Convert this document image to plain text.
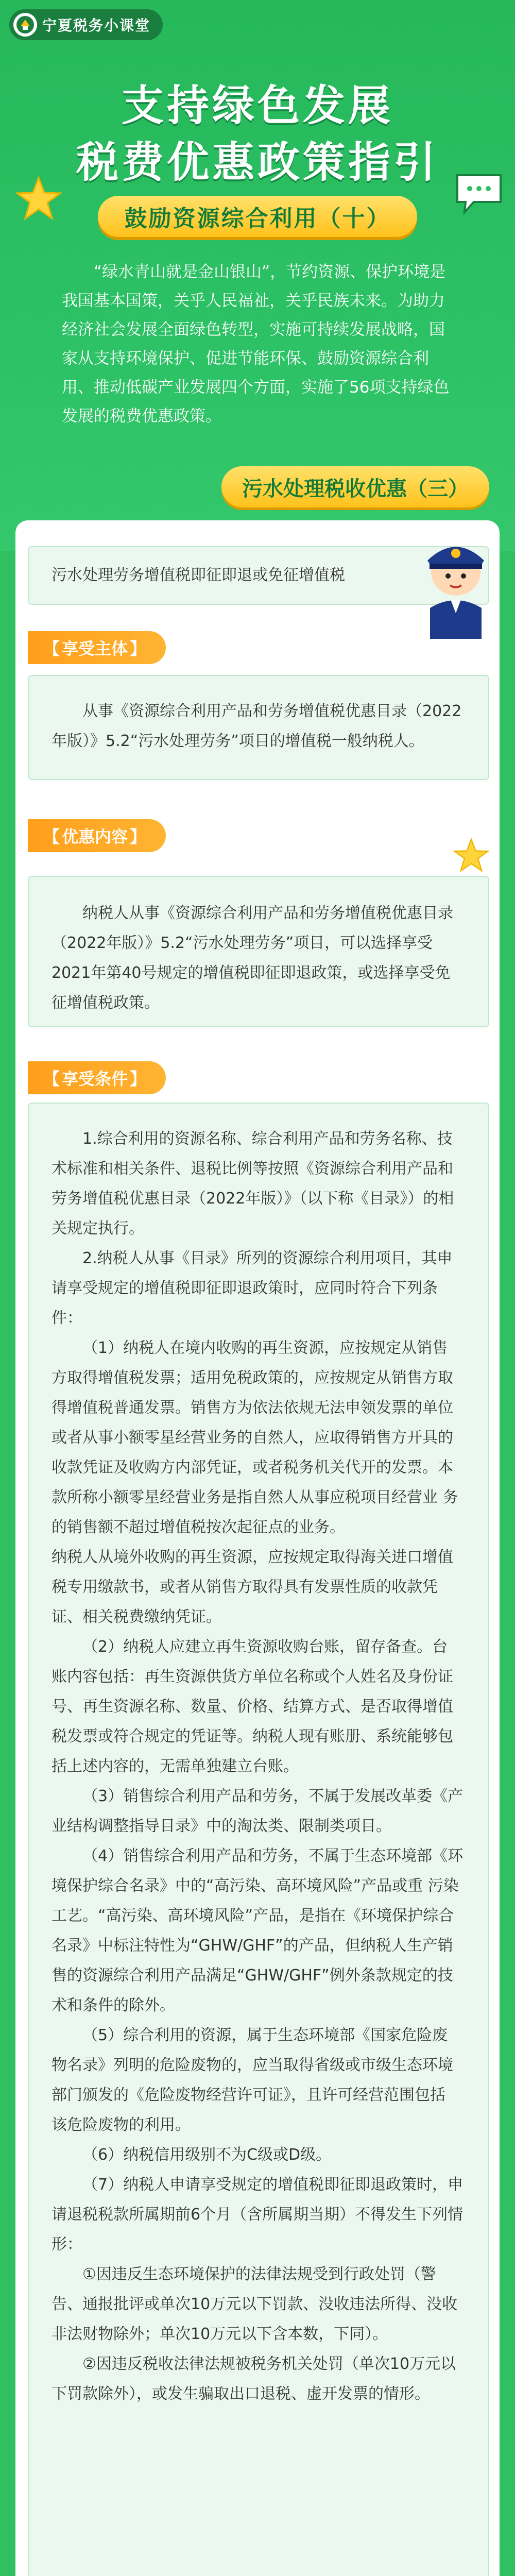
宁夏税务小课堂
支持绿色发展
税费优惠政策指引
鼓励资源综合利用（十）
“绿水青山就是金山银山”，节约资源、保护环境是我国基本国策，关乎人民福祉，关乎民族未来。为助力经济社会发展全面绿色转型，实施可持续发展战略，国家从支持环境保护、促进节能环保、鼓励资源综合利用、推动低碳产业发展四个方面，实施了56项支持绿色发展的税费优惠政策。
污水处理税收优惠（三）
污水处理劳务增值税即征即退或免征增值税
【 享受主体 】
从事《资源综合利用产品和劳务增值税优惠目录（2022年版）》5.2“污水处理劳务”项目的增值税一般纳税人。
【 优惠内容 】
纳税人从事《资源综合利用产品和劳务增值税优惠目录（2022年版）》5.2“污水处理劳务”项目，可以选择享受2021年第40号规定的增值税即征即退政策，或选择享受免征增值税政策。
【 享受条件 】
1.综合利用的资源名称、综合利用产品和劳务名称、技术标准和相关条件、退税比例等按照《资源综合利用产品和劳务增值税优惠目录（2022年版）》（以下称《目录》）的相关规定执行。
2.纳税人从事《目录》所列的资源综合利用项目，其申 请享受规定的增值税即征即退政策时，应同时符合下列条件：
（1）纳税人在境内收购的再生资源，应按规定从销售 方取得增值税发票；适用免税政策的，应按规定从销售方取得增值税普通发票。销售方为依法依规无法申领发票的单位或者从事小额零星经营业务的自然人，应取得销售方开具的收款凭证及收购方内部凭证，或者税务机关代开的发票。本款所称小额零星经营业务是指自然人从事应税项目经营业 务的销售额不超过增值税按次起征点的业务。
纳税人从境外收购的再生资源，应按规定取得海关进口增值税专用缴款书，或者从销售方取得具有发票性质的收款凭证、相关税费缴纳凭证。
（2）纳税人应建立再生资源收购台账，留存备查。台 账内容包括：再生资源供货方单位名称或个人姓名及身份证号、再生资源名称、数量、价格、结算方式、是否取得增值 税发票或符合规定的凭证等。纳税人现有账册、系统能够包括上述内容的，无需单独建立台账。
（3）销售综合利用产品和劳务，不属于发展改革委《产业结构调整指导目录》中的淘汰类、限制类项目。
（4）销售综合利用产品和劳务，不属于生态环境部《环境保护综合名录》中的“高污染、高环境风险”产品或重 污染工艺。“高污染、高环境风险”产品，是指在《环境保护综合名录》中标注特性为“GHW/GHF”的产品，但纳税人生产销售的资源综合利用产品满足“GHW/GHF”例外条款规定的技术和条件的除外。
（5）综合利用的资源，属于生态环境部《国家危险废 物名录》列明的危险废物的，应当取得省级或市级生态环境部门颁发的《危险废物经营许可证》，且许可经营范围包括 该危险废物的利用。
（6）纳税信用级别不为C级或D级。
（7）纳税人申请享受规定的增值税即征即退政策时，申请退税税款所属期前6个月（含所属期当期）不得发生下列情形：
①因违反生态环境保护的法律法规受到行政处罚（警告、通报批评或单次10万元以下罚款、没收违法所得、没收非法财物除外；单次10万元以下含本数，下同）。
②因违反税收法律法规被税务机关处罚（单次10万元以下罚款除外），或发生骗取出口退税、虚开发票的情形。
